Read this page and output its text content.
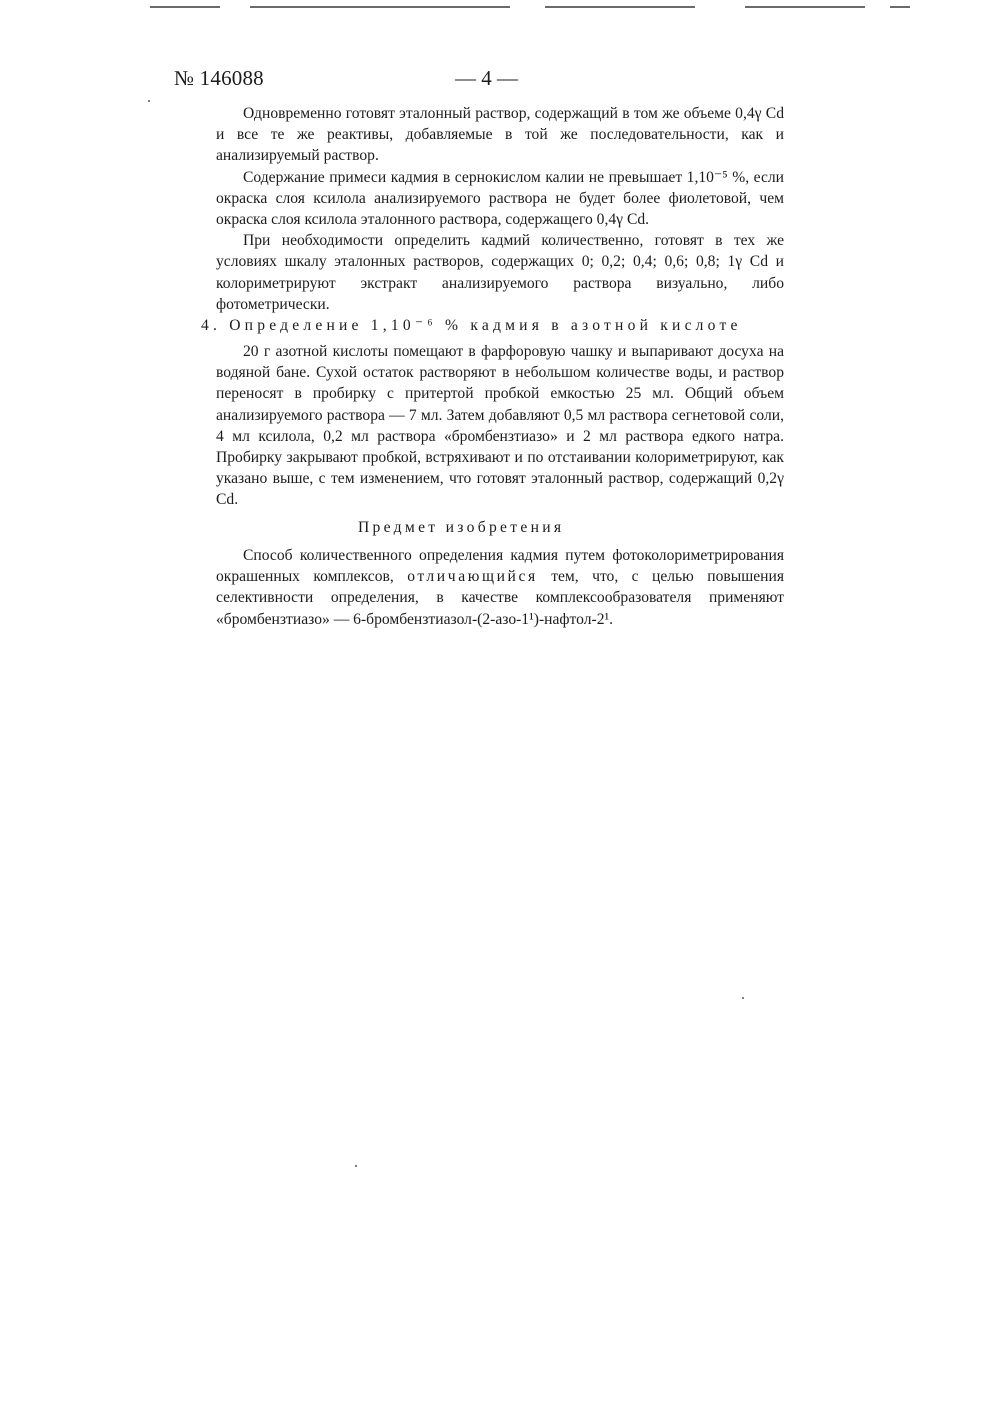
№ 146088	— 4 —

Одновременно готовят эталонный раствор, содержащий в том же объеме 0,4γ Cd и все те же реактивы, добавляемые в той же последовательности, как и анализируемый раствор.

Содержание примеси кадмия в сернокислом калии не превышает 1,10⁻⁵ %, если окраска слоя ксилола анализируемого раствора не будет более фиолетовой, чем окраска слоя ксилола эталонного раствора, содержащего 0,4γ Cd.

При необходимости определить кадмий количественно, готовят в тех же условиях шкалу эталонных растворов, содержащих 0; 0,2; 0,4; 0,6; 0,8; 1γ Cd и колориметрируют экстракт анализируемого раствора визуально, либо фотометрически.

4. Определение 1,10⁻⁶ % кадмия в азотной кислоте

20 г азотной кислоты помещают в фарфоровую чашку и выпаривают досуха на водяной бане. Сухой остаток растворяют в небольшом количестве воды, и раствор переносят в пробирку с притертой пробкой емкостью 25 мл. Общий объем анализируемого раствора — 7 мл. Затем добавляют 0,5 мл раствора сегнетовой соли, 4 мл ксилола, 0,2 мл раствора «бромбензтиазо» и 2 мл раствора едкого натра. Пробирку закрывают пробкой, встряхивают и по отстаивании колориметрируют, как указано выше, с тем изменением, что готовят эталонный раствор, содержащий 0,2γ Cd.

Предмет изобретения

Способ количественного определения кадмия путем фотоколориметрирования окрашенных комплексов, отличающийся тем, что, с целью повышения селективности определения, в качестве комплексообразователя применяют «бромбензтиазо» — 6-бромбензтиазол-(2-азо-1¹)-нафтол-2¹.
